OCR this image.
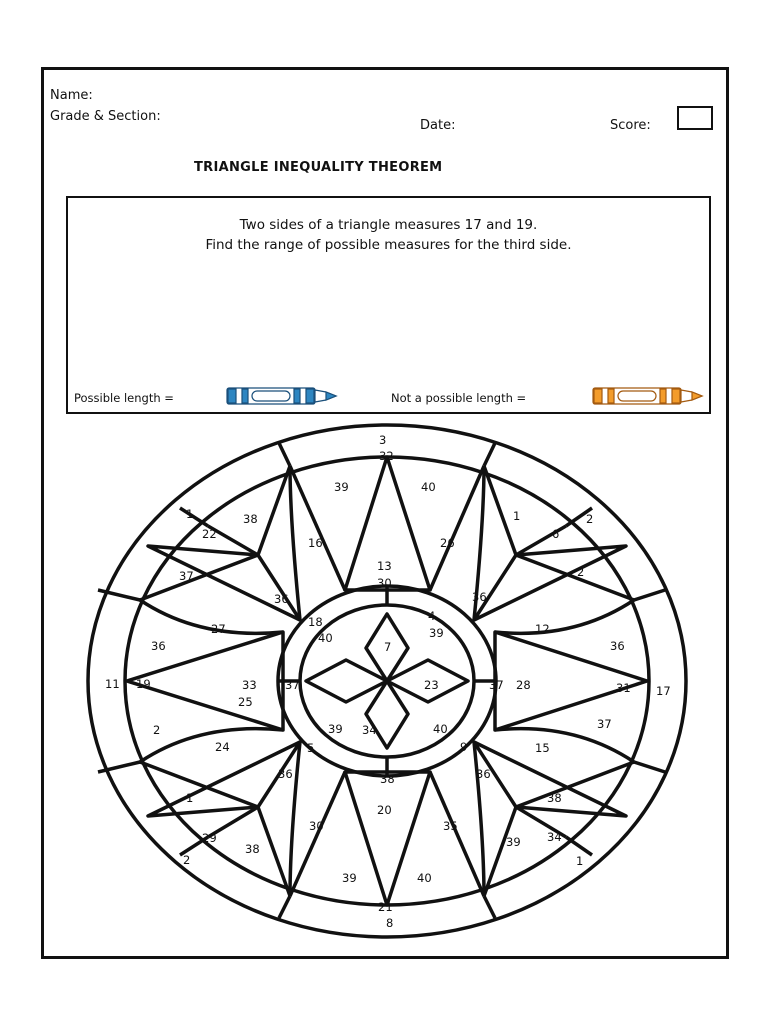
Name:
Grade & Section:
Date:	Score:
TRIANGLE INEQUALITY THEOREM
Two sides of a triangle measures 17 and 19.
Find the range of possible measures for the third side.
Possible length =	Not a possible length =
3
32
39	40
1	38
22
16
13
26
1
6
2
37	30
2
36	36
18
40
4
39	12
27
36	7	36
11 19	33
25
37	23	37 28	31 17
2
24
39 34	40
5	9	15
37
36	38	36
1
20
38
29
30	35
34
2
38	39
1
39	40
21
8
